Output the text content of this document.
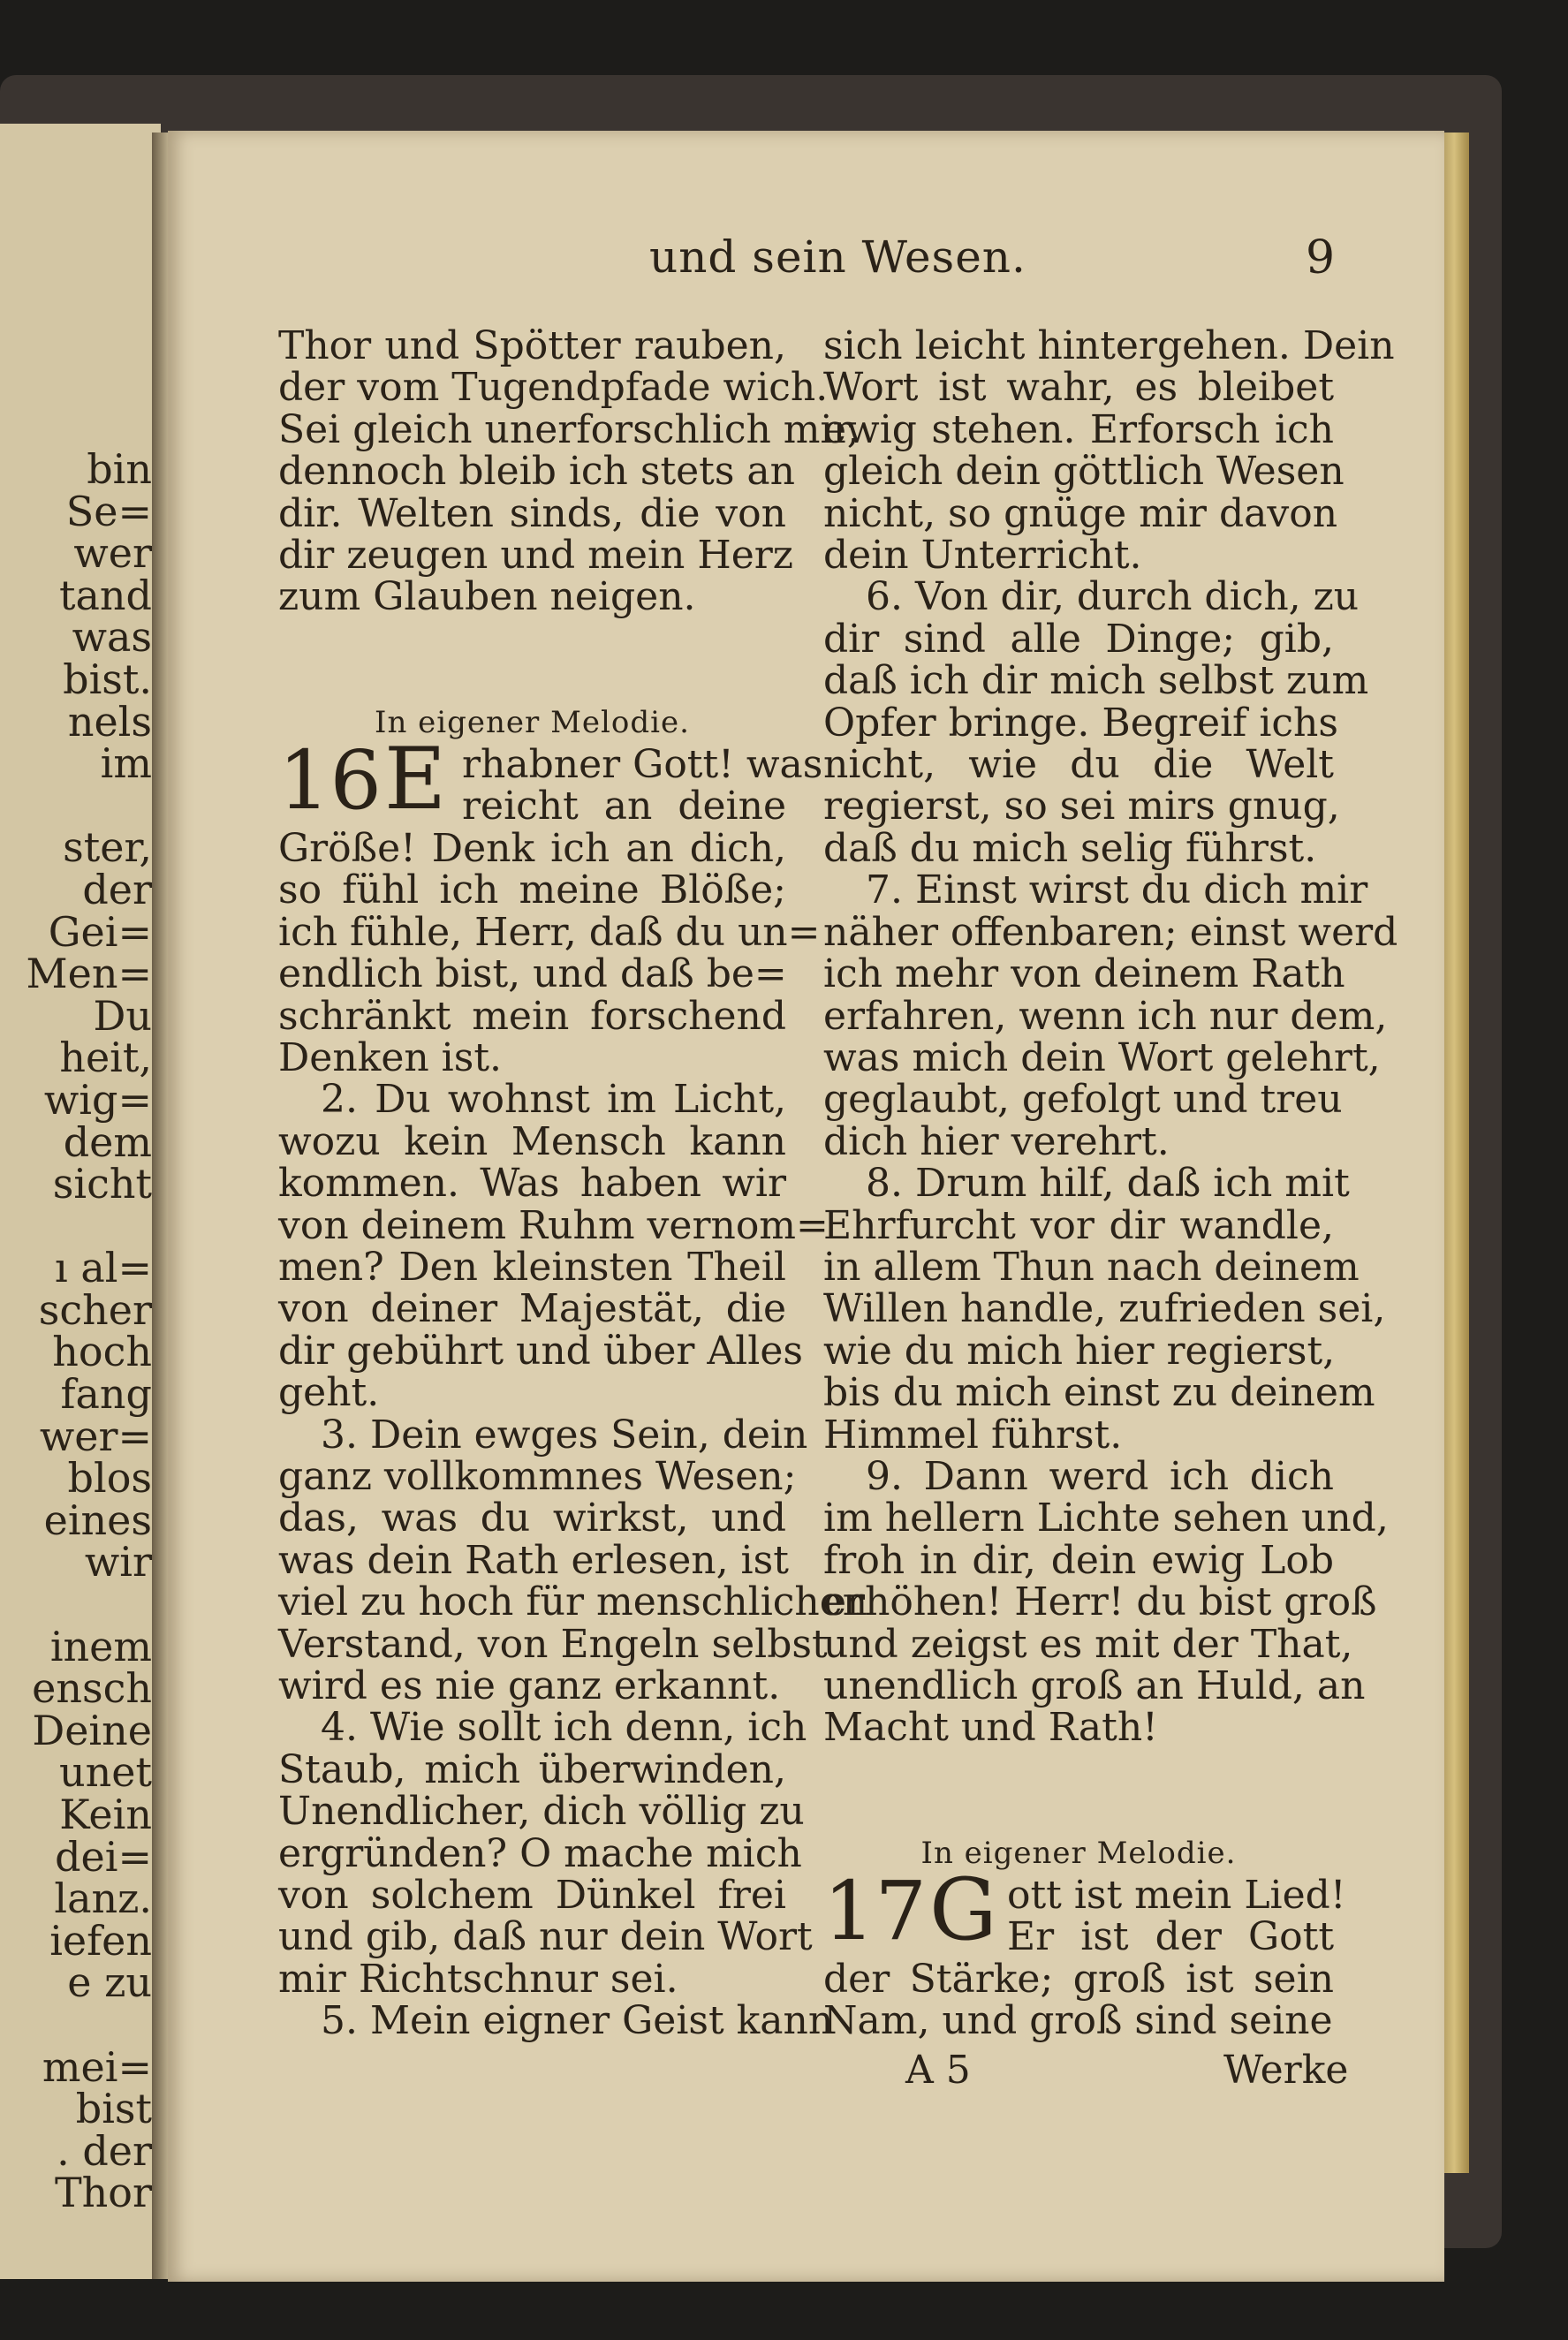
bin
Se=
wer
tand
was
bist.
nels
im

ster,
der
Gei=
Men=
Du
heit,
wig=
dem
sicht

ı al=
scher
hoch
fang
wer=
blos
eines
wir

inem
ensch
Deine
unet
Kein
dei=
lanz.
iefen
e zu

mei=
bist
. der
Thor
und sein Wesen.	9
Thor und Spötter rauben,
der vom Tugendpfade wich.
Sei gleich unerforschlich mir,
dennoch bleib ich stets an
dir. Welten sinds, die von
dir zeugen und mein Herz
zum Glauben neigen.

In eigener Melodie.
16 E rhabner Gott! was
reicht an deine
Größe! Denk ich an dich,
so fühl ich meine Blöße;
ich fühle, Herr, daß du un=
endlich bist, und daß be=
schränkt mein forschend
Denken ist.
2. Du wohnst im Licht,
wozu kein Mensch kann
kommen. Was haben wir
von deinem Ruhm vernom=
men? Den kleinsten Theil
von deiner Majestät, die
dir gebührt und über Alles
geht.
3. Dein ewges Sein, dein
ganz vollkommnes Wesen;
das, was du wirkst, und
was dein Rath erlesen, ist
viel zu hoch für menschlichen
Verstand, von Engeln selbst
wird es nie ganz erkannt.
4. Wie sollt ich denn, ich
Staub, mich überwinden,
Unendlicher, dich völlig zu
ergründen? O mache mich
von solchem Dünkel frei
und gib, daß nur dein Wort
mir Richtschnur sei.
5. Mein eigner Geist kann
sich leicht hintergehen. Dein
Wort ist wahr, es bleibet
ewig stehen. Erforsch ich
gleich dein göttlich Wesen
nicht, so gnüge mir davon
dein Unterricht.
6. Von dir, durch dich, zu
dir sind alle Dinge; gib,
daß ich dir mich selbst zum
Opfer bringe. Begreif ichs
nicht, wie du die Welt
regierst, so sei mirs gnug,
daß du mich selig führst.
7. Einst wirst du dich mir
näher offenbaren; einst werd
ich mehr von deinem Rath
erfahren, wenn ich nur dem,
was mich dein Wort gelehrt,
geglaubt, gefolgt und treu
dich hier verehrt.
8. Drum hilf, daß ich mit
Ehrfurcht vor dir wandle,
in allem Thun nach deinem
Willen handle, zufrieden sei,
wie du mich hier regierst,
bis du mich einst zu deinem
Himmel führst.
9. Dann werd ich dich
im hellern Lichte sehen und,
froh in dir, dein ewig Lob
erhöhen! Herr! du bist groß
und zeigst es mit der That,
unendlich groß an Huld, an
Macht und Rath!

In eigener Melodie.
17 G ott ist mein Lied!
Er ist der Gott
der Stärke; groß ist sein
Nam, und groß sind seine
A 5	Werke
